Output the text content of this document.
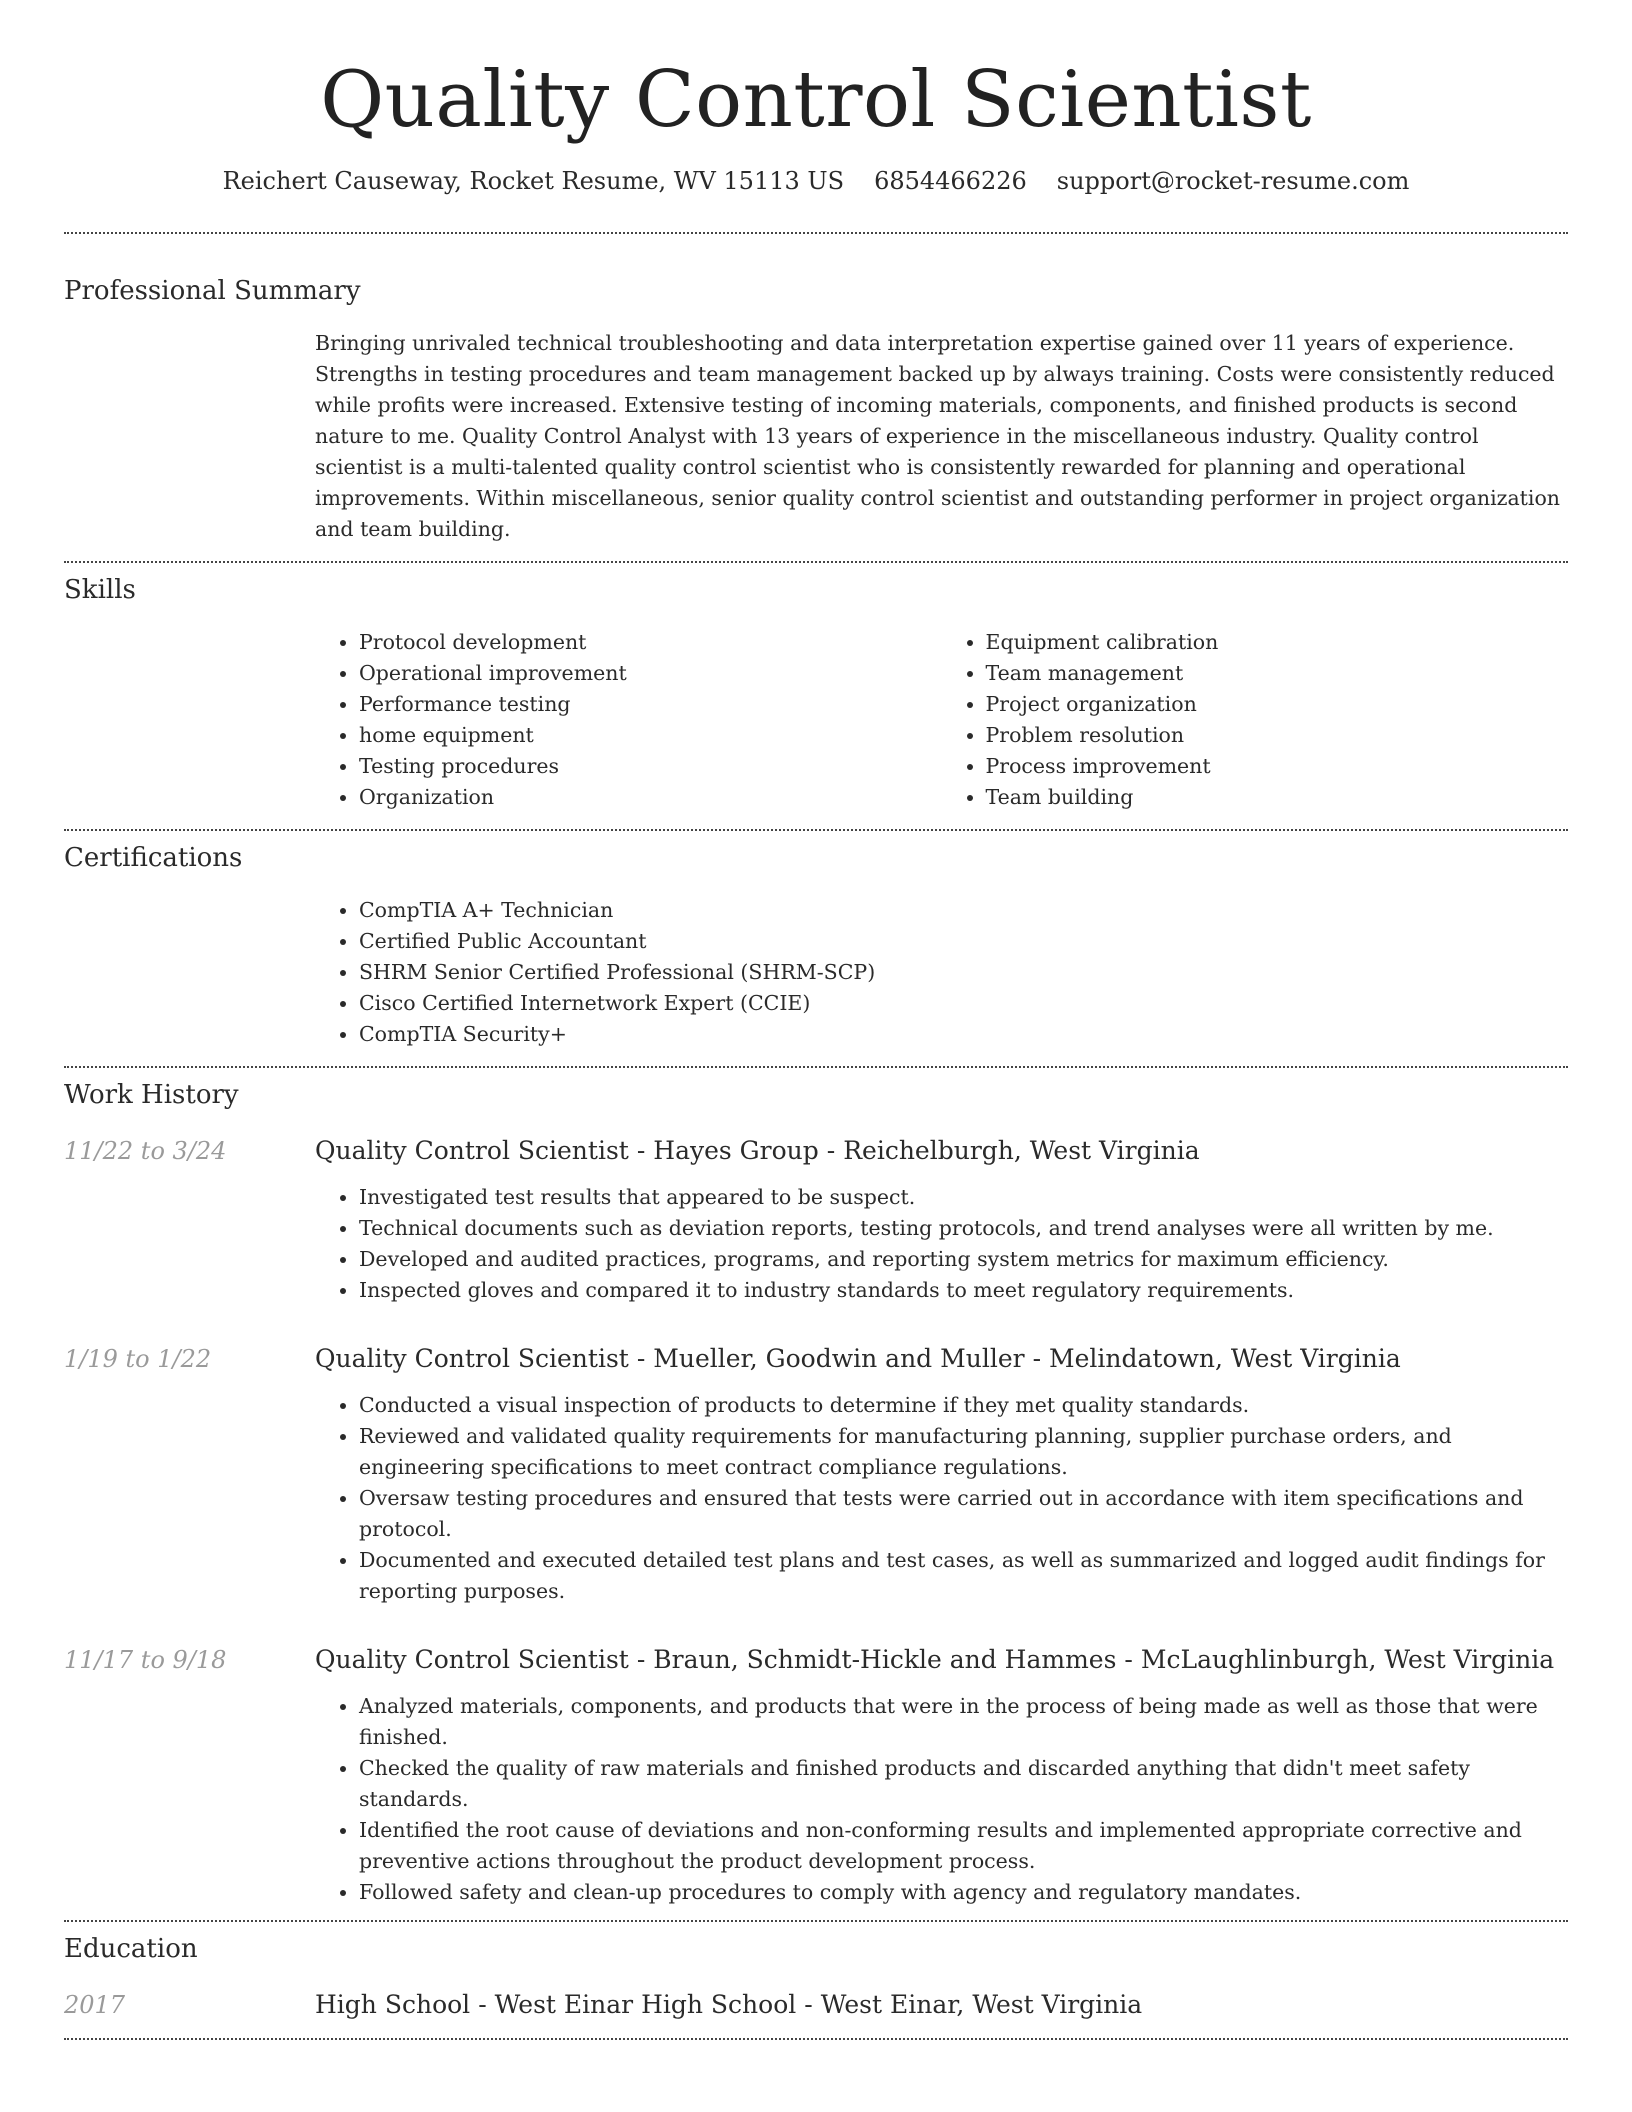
Quality Control Scientist
Reichert Causeway, Rocket Resume, WV 15113 US 6854466226 support@rocket-resume.com
Professional Summary
Bringing unrivaled technical troubleshooting and data interpretation expertise gained over 11 years of experience. Strengths in testing procedures and team management backed up by always training. Costs were consistently reduced while profits were increased. Extensive testing of incoming materials, components, and finished products is second nature to me. Quality Control Analyst with 13 years of experience in the miscellaneous industry. Quality control scientist is a multi-talented quality control scientist who is consistently rewarded for planning and operational improvements. Within miscellaneous, senior quality control scientist and outstanding performer in project organization and team building.
Skills
• Protocol development
• Operational improvement
• Performance testing
• home equipment
• Testing procedures
• Organization
• Equipment calibration
• Team management
• Project organization
• Problem resolution
• Process improvement
• Team building
Certifications
• CompTIA A+ Technician
• Certified Public Accountant
• SHRM Senior Certified Professional (SHRM-SCP)
• Cisco Certified Internetwork Expert (CCIE)
• CompTIA Security+
Work History
11/22 to 3/24	Quality Control Scientist - Hayes Group - Reichelburgh, West Virginia
• Investigated test results that appeared to be suspect.
• Technical documents such as deviation reports, testing protocols, and trend analyses were all written by me.
• Developed and audited practices, programs, and reporting system metrics for maximum efficiency.
• Inspected gloves and compared it to industry standards to meet regulatory requirements.
1/19 to 1/22	Quality Control Scientist - Mueller, Goodwin and Muller - Melindatown, West Virginia
• Conducted a visual inspection of products to determine if they met quality standards.
• Reviewed and validated quality requirements for manufacturing planning, supplier purchase orders, and engineering specifications to meet contract compliance regulations.
• Oversaw testing procedures and ensured that tests were carried out in accordance with item specifications and protocol.
• Documented and executed detailed test plans and test cases, as well as summarized and logged audit findings for reporting purposes.
11/17 to 9/18	Quality Control Scientist - Braun, Schmidt-Hickle and Hammes - McLaughlinburgh, West Virginia
• Analyzed materials, components, and products that were in the process of being made as well as those that were finished.
• Checked the quality of raw materials and finished products and discarded anything that didn't meet safety standards.
• Identified the root cause of deviations and non-conforming results and implemented appropriate corrective and preventive actions throughout the product development process.
• Followed safety and clean-up procedures to comply with agency and regulatory mandates.
Education
2017	High School - West Einar High School - West Einar, West Virginia
